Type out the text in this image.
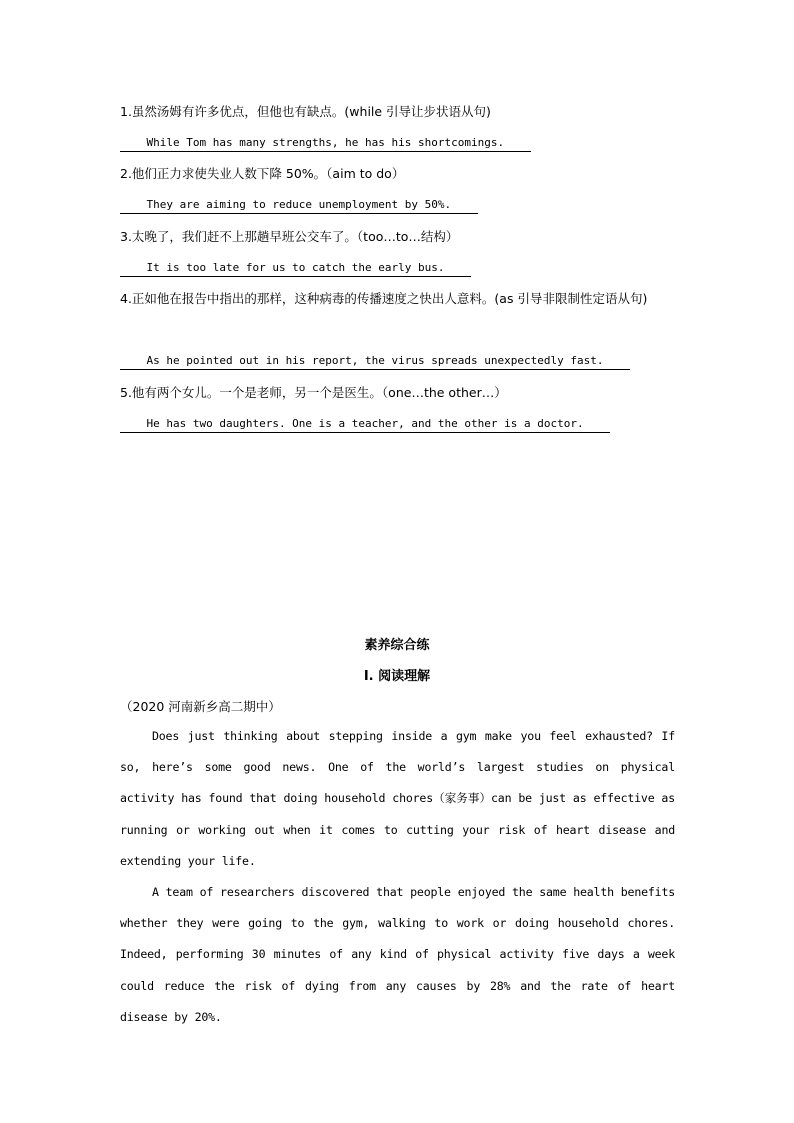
1.虽然汤姆有许多优点，但他也有缺点。(while 引导让步状语从句)
While Tom has many strengths, he has his shortcomings.
2.他们正力求使失业人数下降 50%。（aim to do）
They are aiming to reduce unemployment by 50%.
3.太晚了，我们赶不上那趟早班公交车了。（too…to…结构）
It is too late for us to catch the early bus.
4.正如他在报告中指出的那样，这种病毒的传播速度之快出人意料。(as 引导非限制性定语从句)
As he pointed out in his report, the virus spreads unexpectedly fast.
5.他有两个女儿。一个是老师，另一个是医生。（one…the other…）
He has two daughters. One is a teacher, and the other is a doctor.
素养综合练
Ⅰ. 阅读理解
（2020 河南新乡高二期中）
Does just thinking about stepping inside a gym make you feel exhausted? If so, here’s some good news. One of the world’s largest studies on physical activity has found that doing household chores（家务事）can be just as effective as running or working out when it comes to cutting your risk of heart disease and extending your life.
A team of researchers discovered that people enjoyed the same health benefits whether they were going to the gym, walking to work or doing household chores. Indeed, performing 30 minutes of any kind of physical activity five days a week could reduce the risk of dying from any causes by 28% and the rate of heart disease by 20%.
